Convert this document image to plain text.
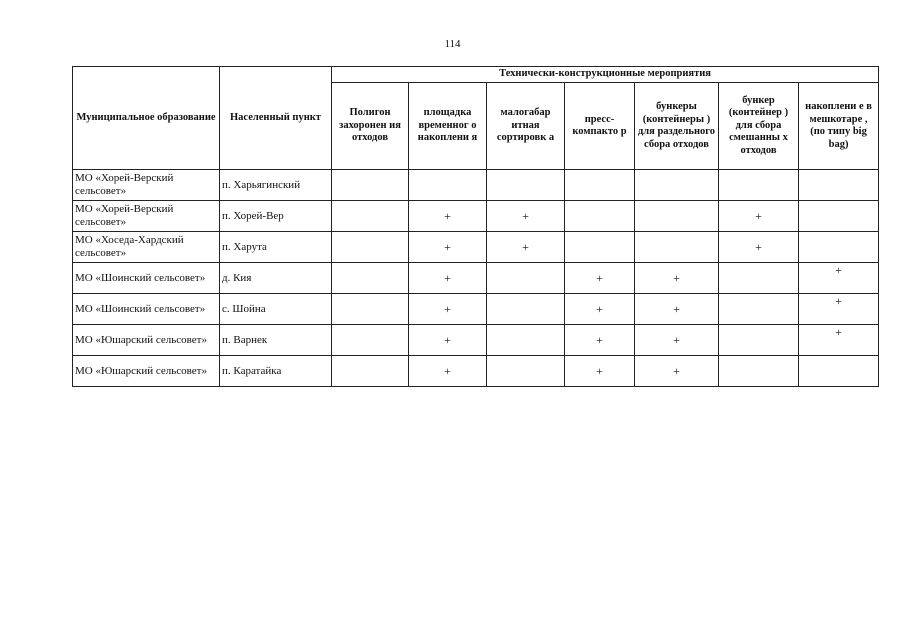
114
Муниципальное образование	Населенный пункт	Технически-конструкционные мероприятия						
		Полигон захоронен ия отходов	площадка временног о накоплени я	малогабар итная сортировк а	пресс-компакто р	бункеры (контейнеры ) для раздельного сбора отходов	бункер (контейнер ) для сбора смешанны х отходов	накоплени е в мешкотаре , (по типу big bag)
МО «Хорей-Верский сельсовет»	п. Харьягинский							
МО «Хорей-Верский сельсовет»	п. Хорей-Вер		+	+			+	
МО «Хоседа-Хардский сельсовет»	п. Харута		+	+			+	
МО «Шоинский сельсовет»	д. Кия		+		+	+		+
МО «Шоинский сельсовет»	с. Шойна		+		+	+		+
МО «Юшарский сельсовет»	п. Варнек		+		+	+		+
МО «Юшарский сельсовет»	п. Каратайка		+		+	+		
